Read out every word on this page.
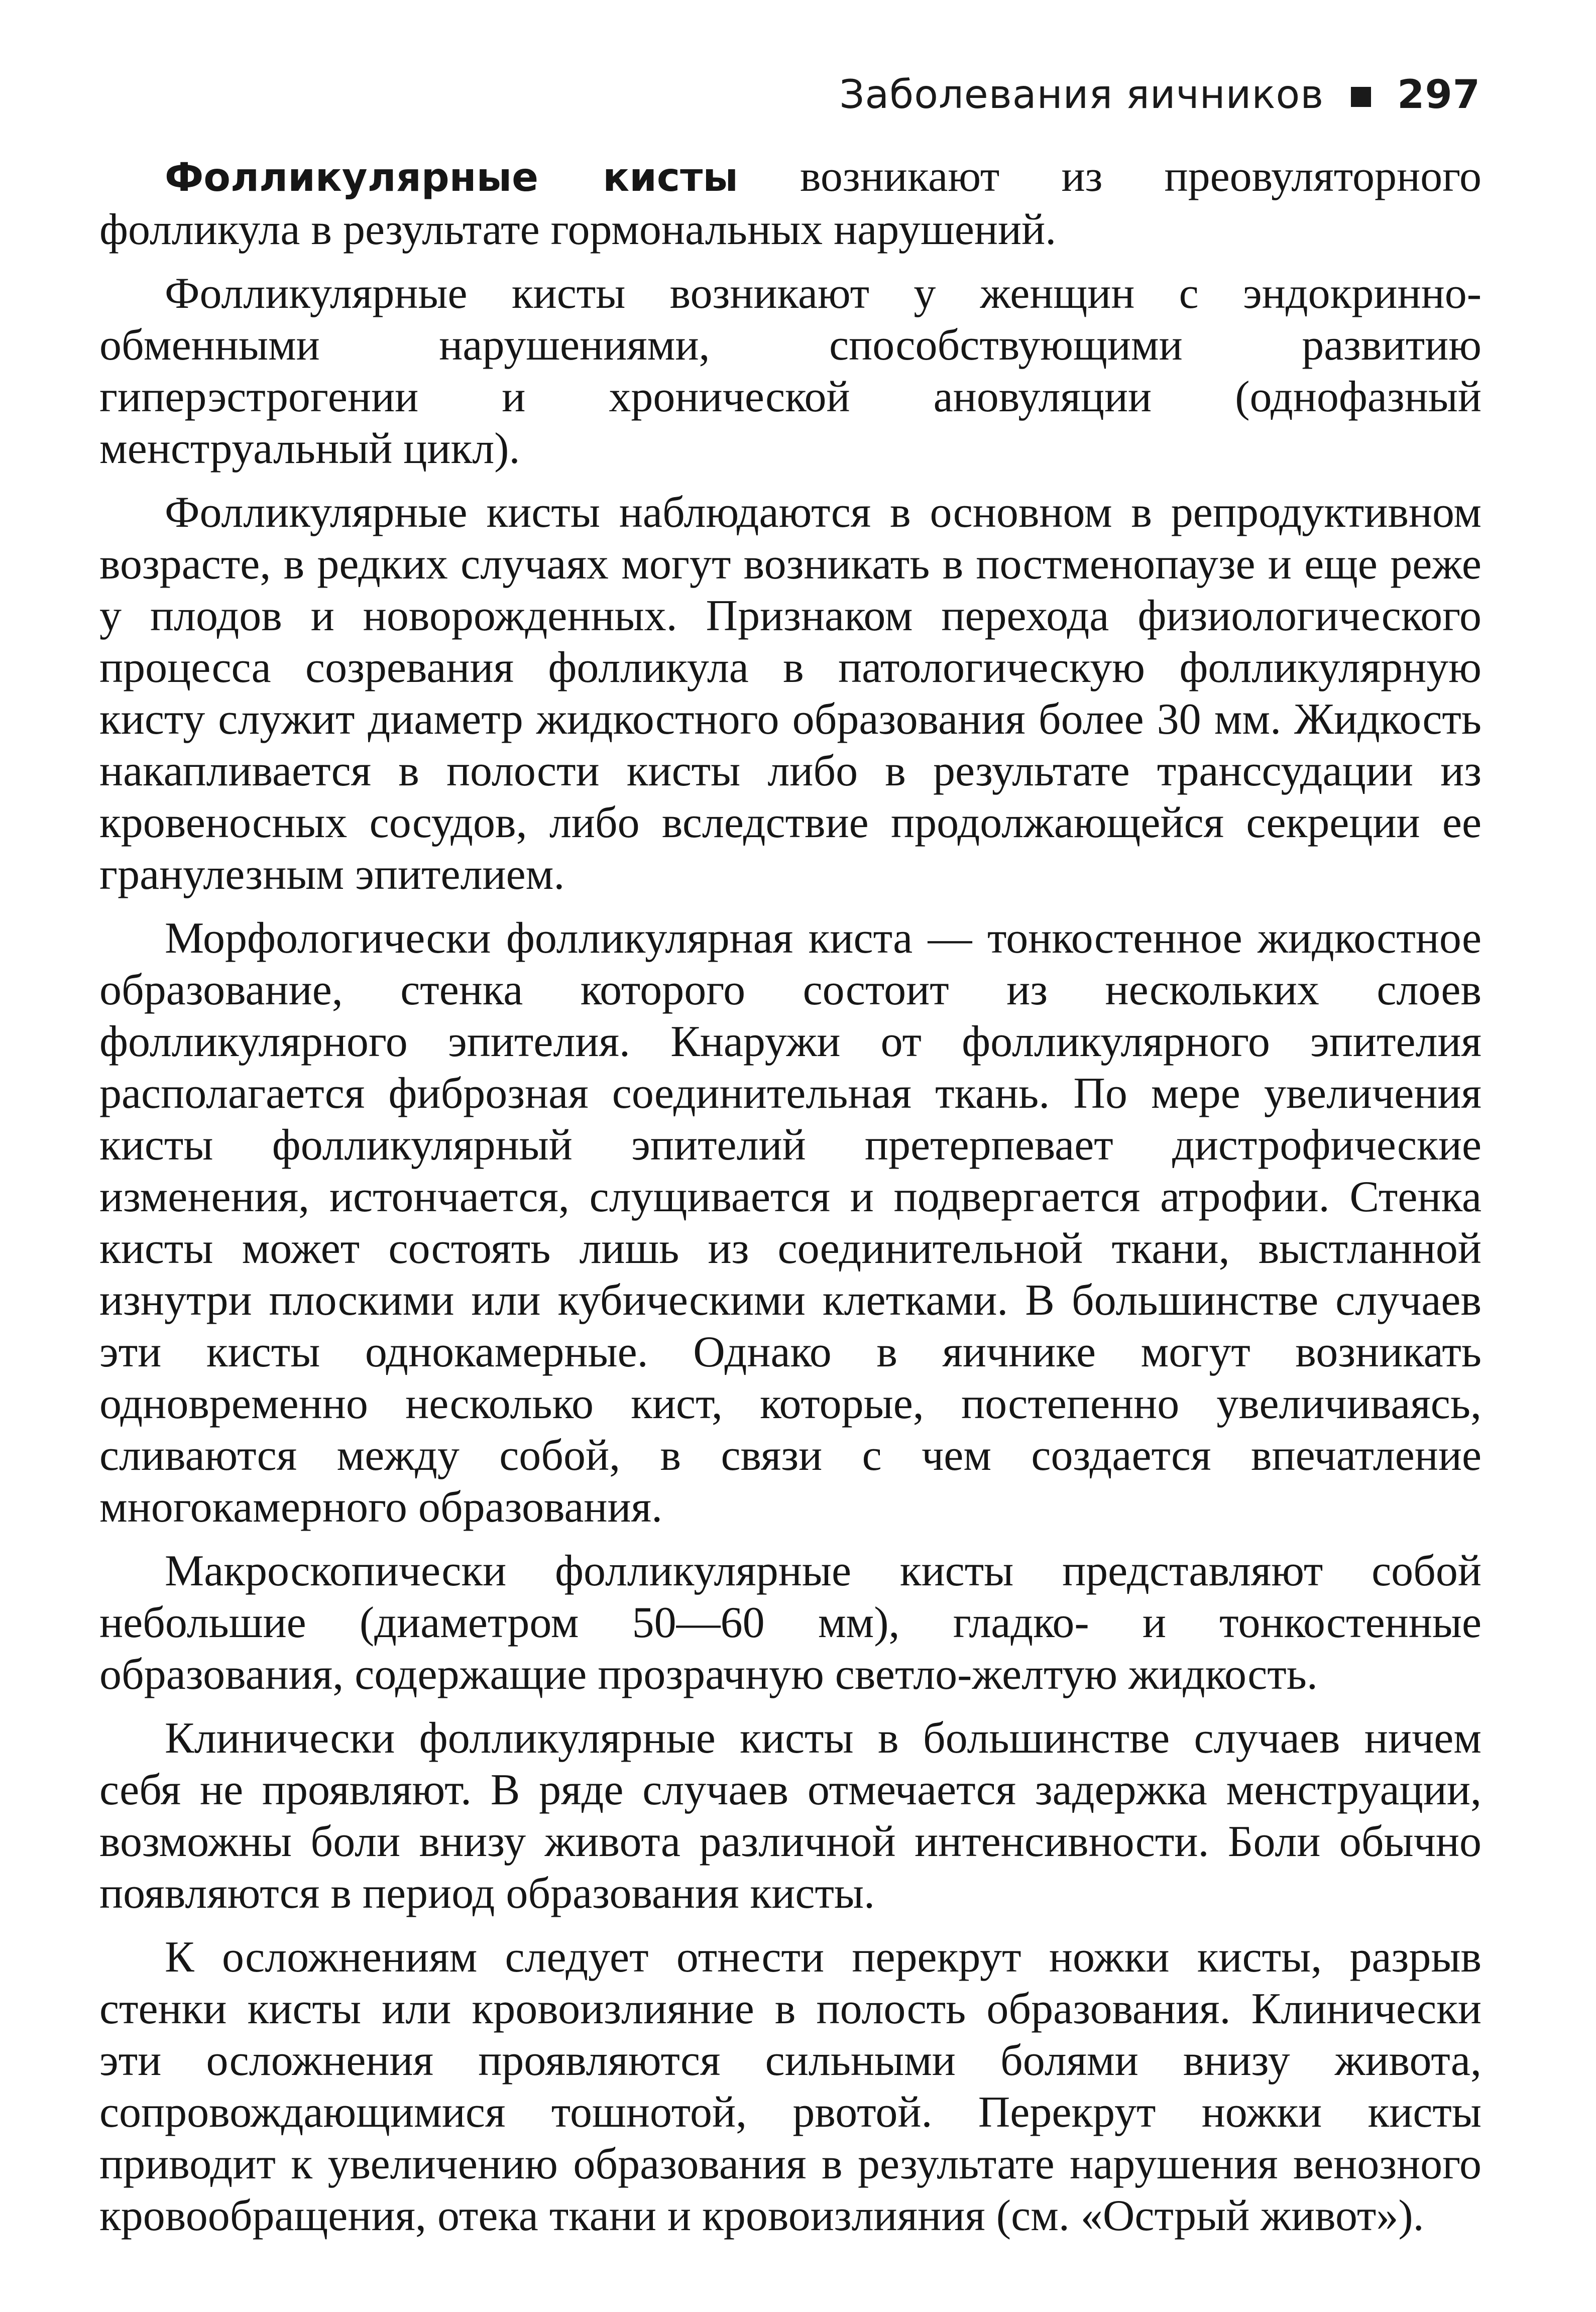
Заболевания яичников 297

Фолликулярные кисты возникают из преовуляторного фолликула в результате гормональных нарушений.

Фолликулярные кисты возникают у женщин с эндокринно-обменными нарушениями, способствующими развитию гиперэстрогении и хронической ановуляции (однофазный менструальный цикл).

Фолликулярные кисты наблюдаются в основном в репродуктивном возрасте, в редких случаях могут возникать в постменопаузе и еще реже у плодов и новорожденных. Признаком перехода физиологического процесса созревания фолликула в патологическую фолликулярную кисту служит диаметр жидкостного образования более 30 мм. Жидкость накапливается в полости кисты либо в результате транссудации из кровеносных сосудов, либо вследствие продолжающейся секреции ее гранулезным эпителием.

Морфологически фолликулярная киста — тонкостенное жидкостное образование, стенка которого состоит из нескольких слоев фолликулярного эпителия. Кнаружи от фолликулярного эпителия располагается фиброзная соединительная ткань. По мере увеличения кисты фолликулярный эпителий претерпевает дистрофические изменения, истончается, слущивается и подвергается атрофии. Стенка кисты может состоять лишь из соединительной ткани, выстланной изнутри плоскими или кубическими клетками. В большинстве случаев эти кисты однокамерные. Однако в яичнике могут возникать одновременно несколько кист, которые, постепенно увеличиваясь, сливаются между собой, в связи с чем создается впечатление многокамерного образования.

Макроскопически фолликулярные кисты представляют собой небольшие (диаметром 50—60 мм), гладко- и тонкостенные образования, содержащие прозрачную светло-желтую жидкость.

Клинически фолликулярные кисты в большинстве случаев ничем себя не проявляют. В ряде случаев отмечается задержка менструации, возможны боли внизу живота различной интенсивности. Боли обычно появляются в период образования кисты.

К осложнениям следует отнести перекрут ножки кисты, разрыв стенки кисты или кровоизлияние в полость образования. Клинически эти осложнения проявляются сильными болями внизу живота, сопровождающимися тошнотой, рвотой. Перекрут ножки кисты приводит к увеличению образования в результате нарушения венозного кровообращения, отека ткани и кровоизлияния (см. «Острый живот»).
